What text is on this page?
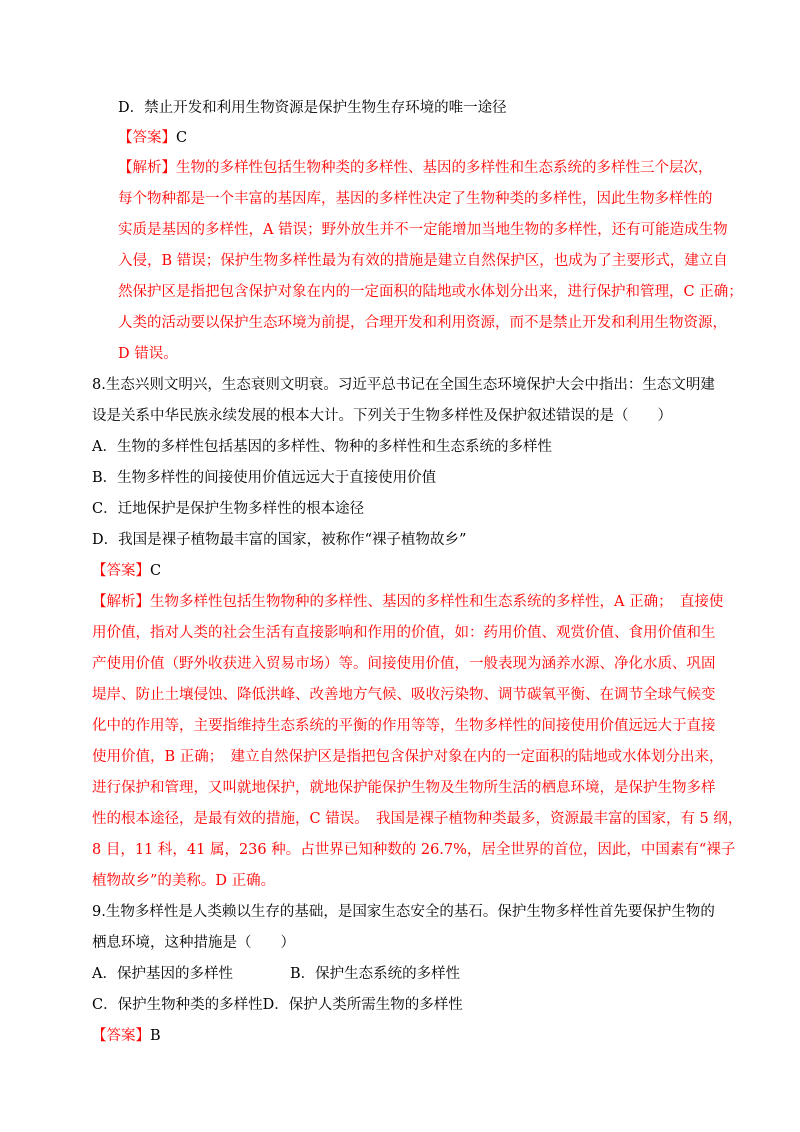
D．禁止开发和利用生物资源是保护生物生存环境的唯一途径
【答案】C
【解析】生物的多样性包括生物种类的多样性、基因的多样性和生态系统的多样性三个层次，
每个物种都是一个丰富的基因库，基因的多样性决定了生物种类的多样性，因此生物多样性的
实质是基因的多样性，A 错误；野外放生并不一定能增加当地生物的多样性，还有可能造成生物
入侵，B 错误；保护生物多样性最为有效的措施是建立自然保护区，也成为了主要形式，建立自
然保护区是指把包含保护对象在内的一定面积的陆地或水体划分出来，进行保护和管理，C 正确；
人类的活动要以保护生态环境为前提，合理开发和利用资源，而不是禁止开发和利用生物资源，
D 错误。
8.生态兴则文明兴，生态衰则文明衰。习近平总书记在全国生态环境保护大会中指出：生态文明建
设是关系中华民族永续发展的根本大计。下列关于生物多样性及保护叙述错误的是（　　）
A．生物的多样性包括基因的多样性、物种的多样性和生态系统的多样性
B．生物多样性的间接使用价值远远大于直接使用价值
C．迁地保护是保护生物多样性的根本途径
D．我国是裸子植物最丰富的国家，被称作“裸子植物故乡”
【答案】C
【解析】生物多样性包括生物物种的多样性、基因的多样性和生态系统的多样性，A 正确；　直接使
用价值，指对人类的社会生活有直接影响和作用的价值，如：药用价值、观赏价值、食用价值和生
产使用价值（野外收获进入贸易市场）等。间接使用价值，一般表现为涵养水源、净化水质、巩固
堤岸、防止土壤侵蚀、降低洪峰、改善地方气候、吸收污染物、调节碳氧平衡、在调节全球气候变
化中的作用等，主要指维持生态系统的平衡的作用等等，生物多样性的间接使用价值远远大于直接
使用价值，B 正确；　建立自然保护区是指把包含保护对象在内的一定面积的陆地或水体划分出来，
进行保护和管理，又叫就地保护，就地保护能保护生物及生物所生活的栖息环境，是保护生物多样
性的根本途径，是最有效的措施，C 错误。　我国是裸子植物种类最多，资源最丰富的国家，有 5 纲，
8 目，11 科，41 属，236 种。占世界已知种数的 26.7%，居全世界的首位，因此，中国素有“裸子
植物故乡”的美称。D 正确。
9.生物多样性是人类赖以生存的基础，是国家生态安全的基石。保护生物多样性首先要保护生物的
栖息环境，这种措施是（　　）
A．保护基因的多样性	B．保护生态系统的多样性
C．保护生物种类的多样性D．保护人类所需生物的多样性
【答案】B
